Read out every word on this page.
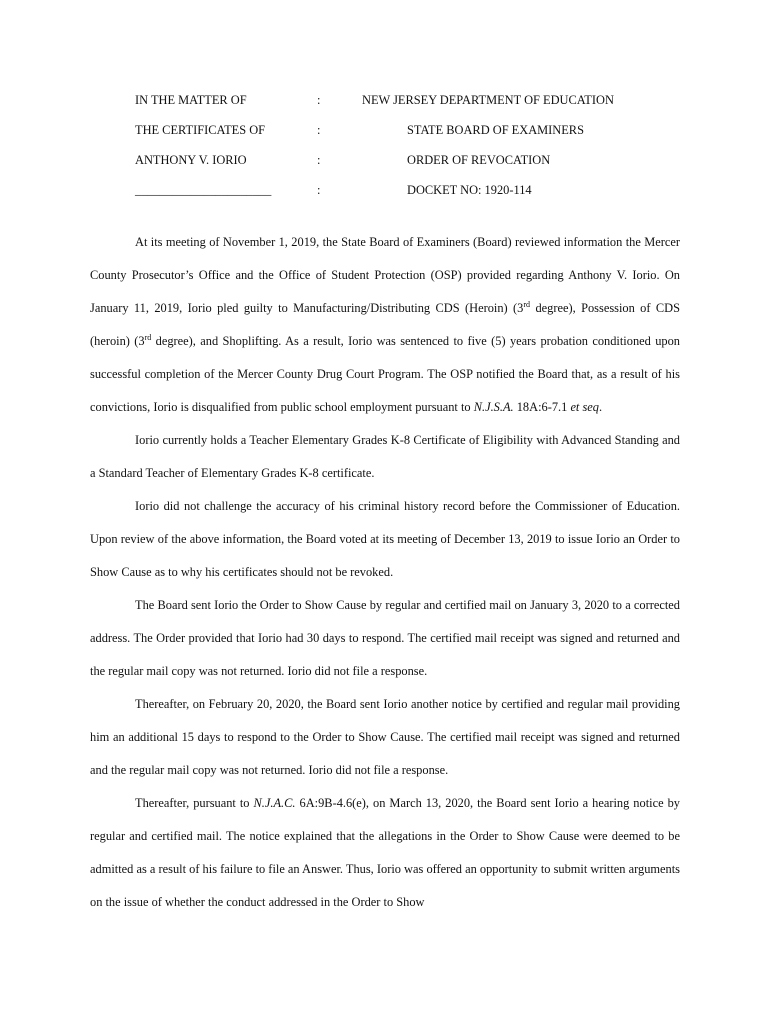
IN THE MATTER OF	:	NEW JERSEY DEPARTMENT OF EDUCATION
THE CERTIFICATES OF	:	STATE BOARD OF EXAMINERS
ANTHONY V. IORIO	:	ORDER OF REVOCATION
______________________	:	DOCKET NO: 1920-114

At its meeting of November 1, 2019, the State Board of Examiners (Board) reviewed information the Mercer County Prosecutor’s Office and the Office of Student Protection (OSP) provided regarding Anthony V. Iorio. On January 11, 2019, Iorio pled guilty to Manufacturing/Distributing CDS (Heroin) (3rd degree), Possession of CDS (heroin) (3rd degree), and Shoplifting. As a result, Iorio was sentenced to five (5) years probation conditioned upon successful completion of the Mercer County Drug Court Program. The OSP notified the Board that, as a result of his convictions, Iorio is disqualified from public school employment pursuant to N.J.S.A. 18A:6-7.1 et seq.

Iorio currently holds a Teacher Elementary Grades K-8 Certificate of Eligibility with Advanced Standing and a Standard Teacher of Elementary Grades K-8 certificate.

Iorio did not challenge the accuracy of his criminal history record before the Commissioner of Education. Upon review of the above information, the Board voted at its meeting of December 13, 2019 to issue Iorio an Order to Show Cause as to why his certificates should not be revoked.

The Board sent Iorio the Order to Show Cause by regular and certified mail on January 3, 2020 to a corrected address. The Order provided that Iorio had 30 days to respond. The certified mail receipt was signed and returned and the regular mail copy was not returned. Iorio did not file a response.

Thereafter, on February 20, 2020, the Board sent Iorio another notice by certified and regular mail providing him an additional 15 days to respond to the Order to Show Cause. The certified mail receipt was signed and returned and the regular mail copy was not returned. Iorio did not file a response.

Thereafter, pursuant to N.J.A.C. 6A:9B-4.6(e), on March 13, 2020, the Board sent Iorio a hearing notice by regular and certified mail. The notice explained that the allegations in the Order to Show Cause were deemed to be admitted as a result of his failure to file an Answer. Thus, Iorio was offered an opportunity to submit written arguments on the issue of whether the conduct addressed in the Order to Show
